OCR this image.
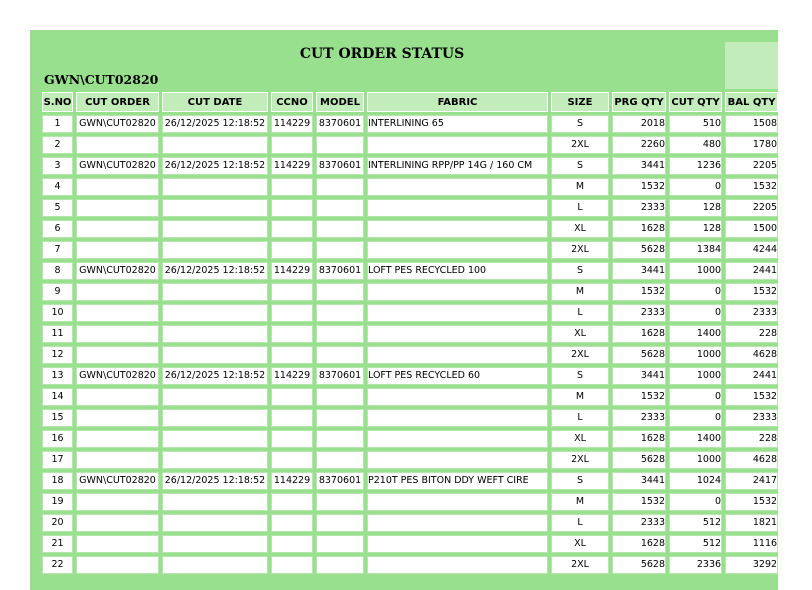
CUT ORDER STATUS									
GWN\CUT02820									
S.NO	CUT ORDER	CUT DATE	CCNO	MODEL	FABRIC	SIZE	PRG QTY	CUT QTY	BAL QTY
1	GWN\CUT02820	26/12/2025 12:18:52	114229	8370601	INTERLINING 65	S	2018	510	1508
2						2XL	2260	480	1780
3	GWN\CUT02820	26/12/2025 12:18:52	114229	8370601	INTERLINING RPP/PP 14G / 160 CM	S	3441	1236	2205
4						M	1532	0	1532
5						L	2333	128	2205
6						XL	1628	128	1500
7						2XL	5628	1384	4244
8	GWN\CUT02820	26/12/2025 12:18:52	114229	8370601	LOFT PES RECYCLED 100	S	3441	1000	2441
9						M	1532	0	1532
10						L	2333	0	2333
11						XL	1628	1400	228
12						2XL	5628	1000	4628
13	GWN\CUT02820	26/12/2025 12:18:52	114229	8370601	LOFT PES RECYCLED 60	S	3441	1000	2441
14						M	1532	0	1532
15						L	2333	0	2333
16						XL	1628	1400	228
17						2XL	5628	1000	4628
18	GWN\CUT02820	26/12/2025 12:18:52	114229	8370601	P210T PES BITON DDY WEFT CIRE	S	3441	1024	2417
19						M	1532	0	1532
20						L	2333	512	1821
21						XL	1628	512	1116
22						2XL	5628	2336	3292
